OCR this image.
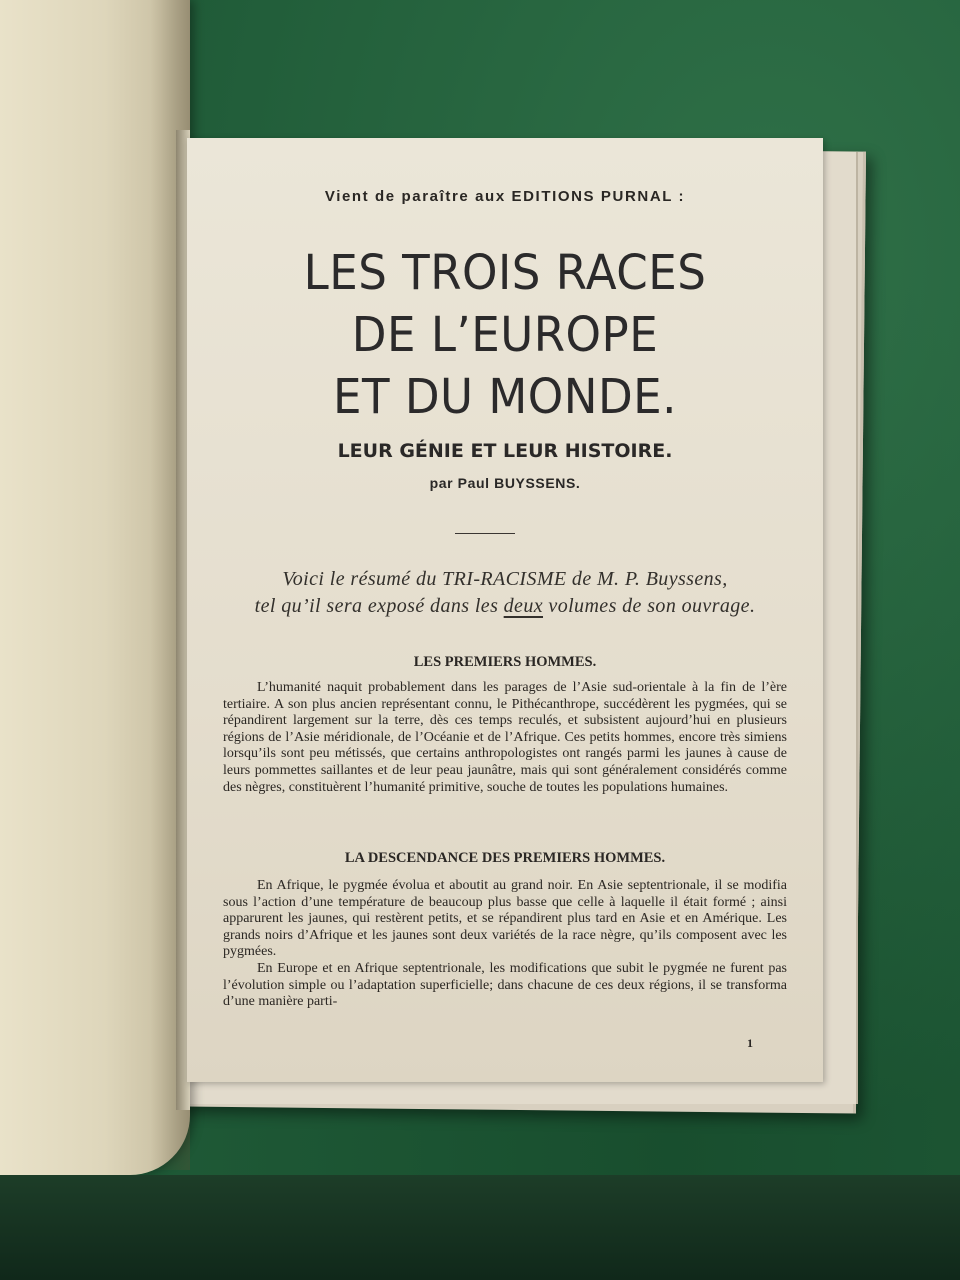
Vient de paraître aux EDITIONS PURNAL :
LES TROIS RACES
DE L’EUROPE
ET DU MONDE.
LEUR GÉNIE ET LEUR HISTOIRE.
par Paul BUYSSENS.
Voici le résumé du TRI-RACISME de M. P. Buyssens,
tel qu’il sera exposé dans les deux volumes de son ouvrage.
LES PREMIERS HOMMES.

L’humanité naquit probablement dans les parages de l’Asie sud-orientale à la fin de l’ère tertiaire. A son plus ancien représentant connu, le Pithécanthrope, succédèrent les pygmées, qui se répandirent largement sur la terre, dès ces temps reculés, et subsistent aujourd’hui en plusieurs régions de l’Asie méridionale, de l’Océanie et de l’Afrique. Ces petits hommes, encore très simiens lorsqu’ils sont peu métissés, que certains anthropologistes ont rangés parmi les jaunes à cause de leurs pommettes saillantes et de leur peau jaunâtre, mais qui sont généralement considérés comme des nègres, constituèrent l’humanité primitive, souche de toutes les populations humaines.

LA DESCENDANCE DES PREMIERS HOMMES.

En Afrique, le pygmée évolua et aboutit au grand noir. En Asie septentrionale, il se modifia sous l’action d’une température de beaucoup plus basse que celle à laquelle il était formé ; ainsi apparurent les jaunes, qui restèrent petits, et se répandirent plus tard en Asie et en Amérique. Les grands noirs d’Afrique et les jaunes sont deux variétés de la race nègre, qu’ils composent avec les pygmées.

En Europe et en Afrique septentrionale, les modifications que subit le pygmée ne furent pas l’évolution simple ou l’adaptation superficielle; dans chacune de ces deux régions, il se transforma d’une manière parti-

1
